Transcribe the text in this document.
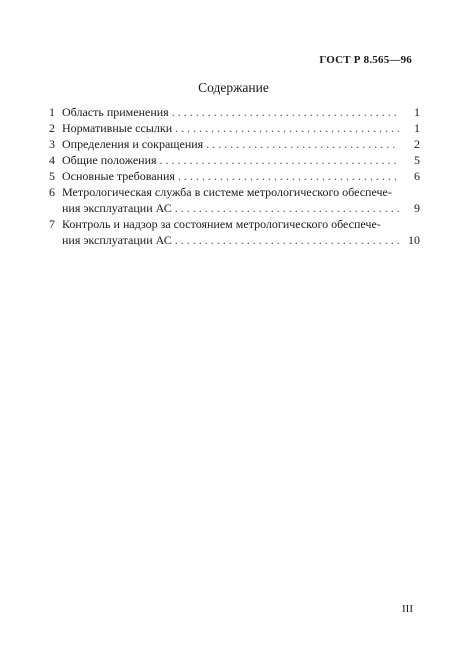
ГОСТ Р 8.565—96
Содержание
1 Область применения . . .	1
2 Нормативные ссылки . . .	1
3 Определения и сокращения . . .	2
4 Общие положения . . .	5
5 Основные требования . . .	6
6 Метрологическая служба в системе метрологического обеспече-
ния эксплуатации АС . . .	9
7 Контроль и надзор за состоянием метрологического обеспече-
ния эксплуатации АС . . .	10
III
